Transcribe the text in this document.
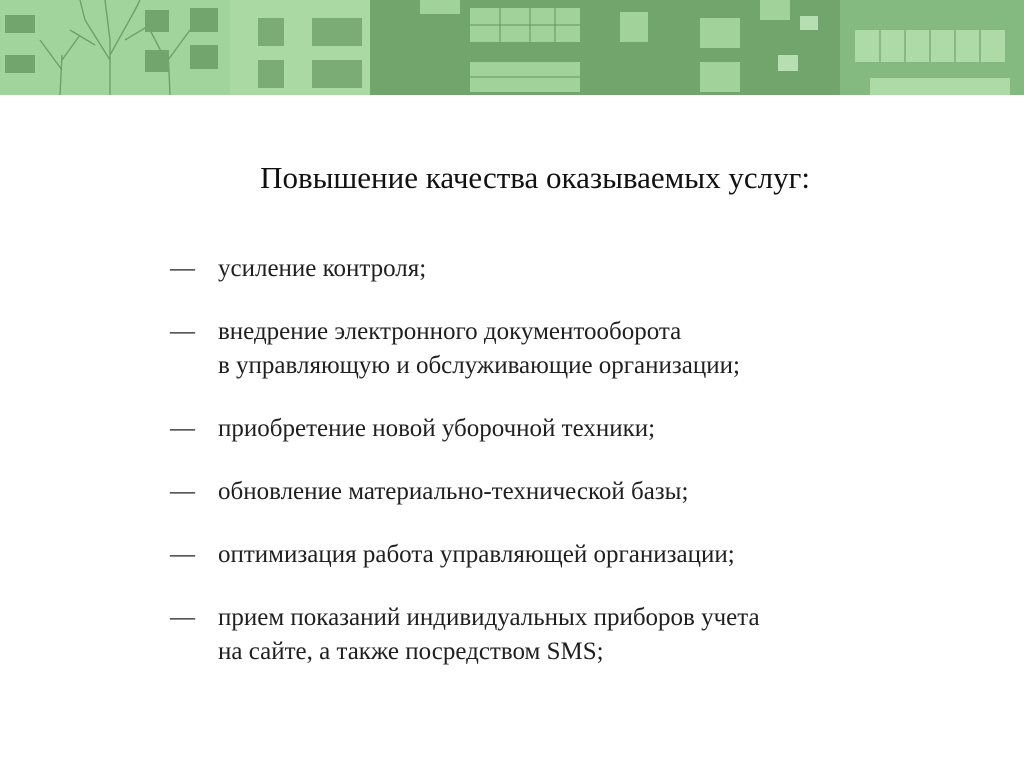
Повышение качества оказываемых услуг:
— усиление контроля;
— внедрение электронного документооборота
в управляющую и обслуживающие организации;
— приобретение новой уборочной техники;
— обновление материально-технической базы;
— оптимизация работа управляющей организации;
— прием показаний индивидуальных приборов учета
на сайте, а также посредством SMS;
